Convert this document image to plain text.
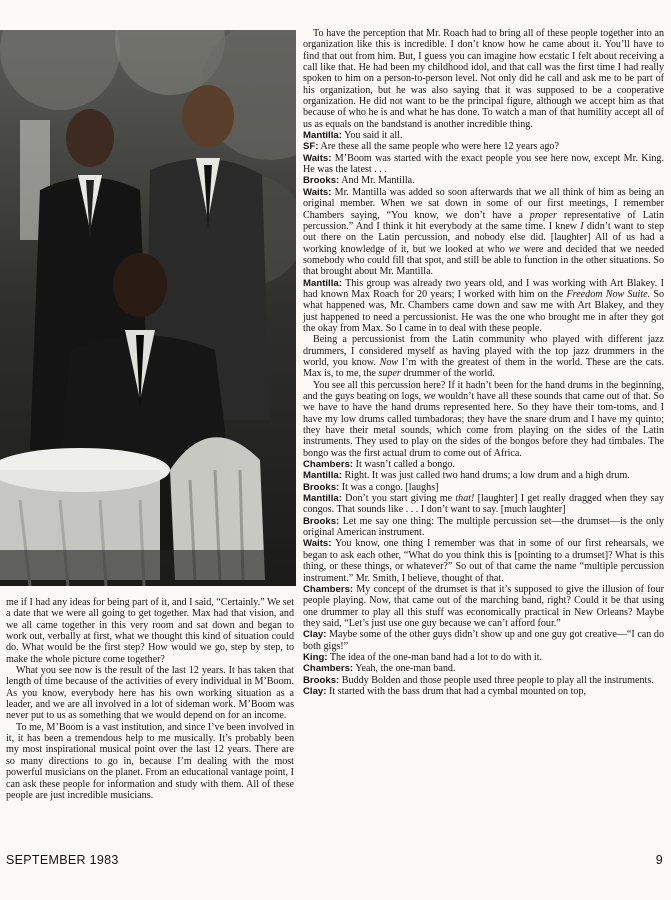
me if I had any ideas for being part of it, and I said, “Certainly.” We set a date that we were all going to get together. Max had that vision, and we all came together in this very room and sat down and began to work out, verbally at first, what we thought this kind of situation could do. What would be the first step? How would we go, step by step, to make the whole picture come together?

What you see now is the result of the last 12 years. It has taken that length of time because of the activities of every individual in M’Boom. As you know, everybody here has his own working situation as a leader, and we are all involved in a lot of sideman work. M’Boom was never put to us as something that we would depend on for an income.

To me, M’Boom is a vast institution, and since I’ve been involved in it, it has been a tremendous help to me musically. It’s probably been my most inspirational musical point over the last 12 years. There are so many directions to go in, because I’m dealing with the most powerful musicians on the planet. From an educational vantage point, I can ask these people for information and study with them. All of these people are just incredible musicians.

To have the perception that Mr. Roach had to bring all of these people together into an organization like this is incredible. I don’t know how he came about it. You’ll have to find that out from him. But, I guess you can imagine how ecstatic I felt about receiving a call like that. He had been my childhood idol, and that call was the first time I had really spoken to him on a person-to-person level. Not only did he call and ask me to be part of his organization, but he was also saying that it was supposed to be a cooperative organization. He did not want to be the principal figure, although we accept him as that because of who he is and what he has done. To watch a man of that humility accept all of us as equals on the bandstand is another incredible thing.

Mantilla: You said it all.

SF: Are these all the same people who were here 12 years ago?

Waits: M’Boom was started with the exact people you see here now, except Mr. King. He was the latest . . .

Brooks: And Mr. Mantilla.

Waits: Mr. Mantilla was added so soon afterwards that we all think of him as being an original member. When we sat down in some of our first meetings, I remember Chambers saying, “You know, we don’t have a proper representative of Latin percussion.” And I think it hit everybody at the same time. I knew I didn’t want to step out there on the Latin percussion, and nobody else did. [laughter] All of us had a working knowledge of it, but we looked at who we were and decided that we needed somebody who could fill that spot, and still be able to function in the other situations. So that brought about Mr. Mantilla.

Mantilla: This group was already two years old, and I was working with Art Blakey. I had known Max Roach for 20 years; I worked with him on the Freedom Now Suite. So what happened was, Mr. Chambers came down and saw me with Art Blakey, and they just happened to need a percussionist. He was the one who brought me in after they got the okay from Max. So I came in to deal with these people.

Being a percussionist from the Latin community who played with different jazz drummers, I considered myself as having played with the top jazz drummers in the world, you know. Now I’m with the greatest of them in the world. These are the cats. Max is, to me, the super drummer of the world.

You see all this percussion here? If it hadn’t been for the hand drums in the beginning, and the guys beating on logs, we wouldn’t have all these sounds that came out of that. So we have to have the hand drums represented here. So they have their tom-toms, and I have my low drums called tumbadoras; they have the snare drum and I have my quinto; they have their metal sounds, which come from playing on the sides of the Latin instruments. They used to play on the sides of the bongos before they had timbales. The bongo was the first actual drum to come out of Africa.

Chambers: It wasn’t called a bongo.

Mantilla: Right. It was just called two hand drums; a low drum and a high drum.

Brooks: It was a congo. [laughs]

Mantilla: Don’t you start giving me that! [laughter] I get really dragged when they say congos. That sounds like . . . I don’t want to say. [much laughter]

Brooks: Let me say one thing: The multiple percussion set—the drumset—is the only original American instrument.

Waits: You know, one thing I remember was that in some of our first rehearsals, we began to ask each other, “What do you think this is [pointing to a drumset]? What is this thing, or these things, or whatever?” So out of that came the name “multiple percussion instrument.” Mr. Smith, I believe, thought of that.

Chambers: My concept of the drumset is that it’s supposed to give the illusion of four people playing. Now, that came out of the marching band, right? Could it be that using one drummer to play all this stuff was economically practical in New Orleans? Maybe they said, “Let’s just use one guy because we can’t afford four.”

Clay: Maybe some of the other guys didn’t show up and one guy got creative—“I can do both gigs!”

King: The idea of the one-man band had a lot to do with it.

Chambers: Yeah, the one-man band.

Brooks: Buddy Bolden and those people used three people to play all the instruments.

Clay: It started with the bass drum that had a cymbal mounted on top,

SEPTEMBER 1983	9
